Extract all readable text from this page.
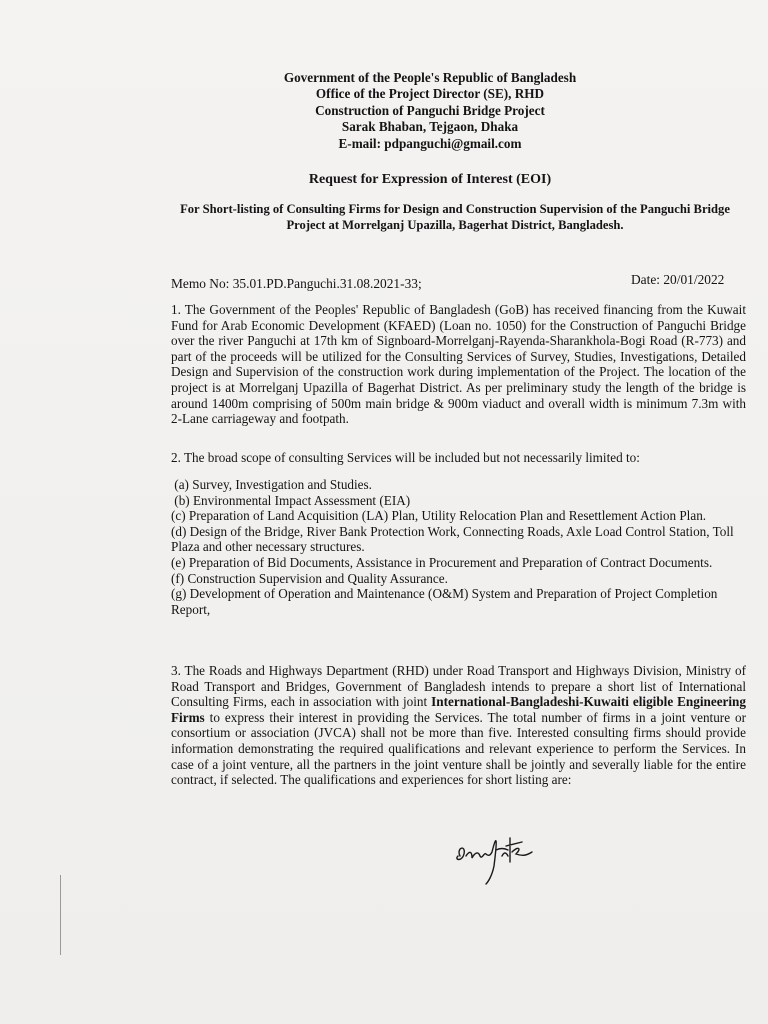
Government of the People's Republic of Bangladesh
Office of the Project Director (SE), RHD
Construction of Panguchi Bridge Project
Sarak Bhaban, Tejgaon, Dhaka
E-mail: pdpanguchi@gmail.com
Request for Expression of Interest (EOI)
For Short-listing of Consulting Firms for Design and Construction Supervision of the Panguchi Bridge Project at Morrelganj Upazilla, Bagerhat District, Bangladesh.
Memo No: 35.01.PD.Panguchi.31.08.2021-33;	Date: 20/01/2022
1. The Government of the Peoples' Republic of Bangladesh (GoB) has received financing from the Kuwait Fund for Arab Economic Development (KFAED) (Loan no. 1050) for the Construction of Panguchi Bridge over the river Panguchi at 17th km of Signboard-Morrelganj-Rayenda-Sharankhola-Bogi Road (R-773) and part of the proceeds will be utilized for the Consulting Services of Survey, Studies, Investigations, Detailed Design and Supervision of the construction work during implementation of the Project. The location of the project is at Morrelganj Upazilla of Bagerhat District. As per preliminary study the length of the bridge is around 1400m comprising of 500m main bridge & 900m viaduct and overall width is minimum 7.3m with 2-Lane carriageway and footpath.
2. The broad scope of consulting Services will be included but not necessarily limited to:
(a) Survey, Investigation and Studies.
(b) Environmental Impact Assessment (EIA)
(c) Preparation of Land Acquisition (LA) Plan, Utility Relocation Plan and Resettlement Action Plan.
(d) Design of the Bridge, River Bank Protection Work, Connecting Roads, Axle Load Control Station, Toll Plaza and other necessary structures.
(e) Preparation of Bid Documents, Assistance in Procurement and Preparation of Contract Documents.
(f) Construction Supervision and Quality Assurance.
(g) Development of Operation and Maintenance (O&M) System and Preparation of Project Completion Report,
3. The Roads and Highways Department (RHD) under Road Transport and Highways Division, Ministry of Road Transport and Bridges, Government of Bangladesh intends to prepare a short list of International Consulting Firms, each in association with joint International-Bangladeshi-Kuwaiti eligible Engineering Firms to express their interest in providing the Services. The total number of firms in a joint venture or consortium or association (JVCA) shall not be more than five. Interested consulting firms should provide information demonstrating the required qualifications and relevant experience to perform the Services. In case of a joint venture, all the partners in the joint venture shall be jointly and severally liable for the entire contract, if selected. The qualifications and experiences for short listing are:
